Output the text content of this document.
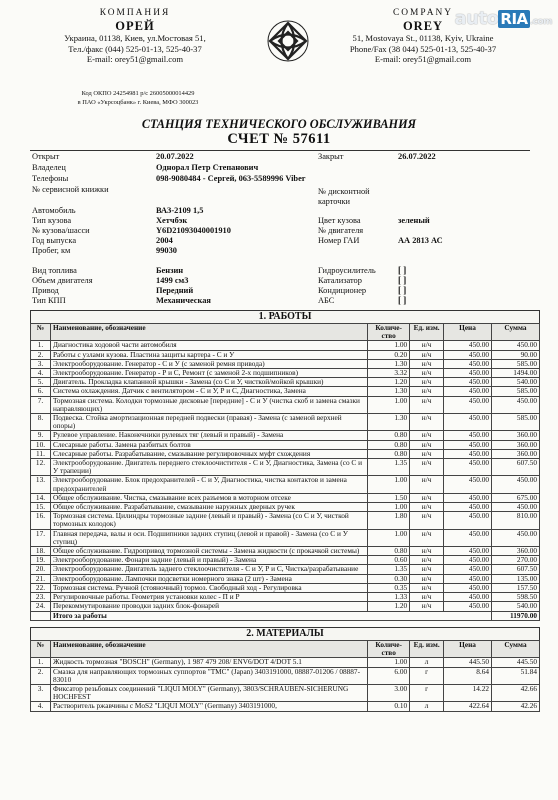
КОМПАНИЯ
ОРЕЙ
Украина, 01138, Киев, ул.Мостовая 51,
Тел./факс (044) 525-01-13, 525-40-37
E-mail: orey51@gmail.com
Код ОКПО 24254981 р/с 26005000014429
в ПАО «Укрсоцбанк» г. Киева, МФО 300023
COMPANY
OREY
51, Mostovaya St., 01138, Kyiv, Ukraine
Phone/Fax (38 044) 525-01-13, 525-40-37
E-mail: orey51@gmail.com
auto RIA .com
СТАНЦИЯ ТЕХНИЧЕСКОГО ОБСЛУЖИВАНИЯ
СЧЕТ № 57611
Открыт	20.07.2022	Закрыт	26.07.2022
Владелец	Однорал Петр Степанович
Телефоны	098-9080484 - Сергей, 063-5589996 Viber
№ сервисной книжки	№ дисконтной карточки
Автомобиль	ВАЗ-2109 1,5
Тип кузова	Хетчбэк	Цвет кузова	зеленый
№ кузова/шасси	Y6D21093040001910	№ двигателя
Год выпуска	2004	Номер ГАИ	АА 2813 АС
Пробег, км	99030
Вид топлива	Бензин	Гидроусилитель [ ]
Объем двигателя	1499 см3	Катализатор	[ ]
Привод	Передний	Кондиционер	[ ]
Тип КПП	Механическая	АБС	[ ]
1. РАБОТЫ
№	Наименование, обозначение	Количе-ство	Ед. изм.	Цена	Сумма
1.	Диагностика ходовой части автомобиля	1.00	н/ч	450.00	450.00
2.	Работы с узлами кузова. Пластина защиты картера - С и У	0.20	н/ч	450.00	90.00
3.	Электрооборудование. Генератор - С и У (с заменой ремня привода)	1.30	н/ч	450.00	585.00
4.	Электрооборудование. Генератор - Р и С, Ремонт (с заменой 2-х подшипников)	3.32	н/ч	450.00	1494.00
5.	Двигатель. Прокладка клапанной крышки - Замена (со С и У, чисткой/мойкой крышки)	1.20	н/ч	450.00	540.00
6.	Система охлаждения. Датчик с вентилятором - С и У, Р и С, Диагностика, Замена	1.30	н/ч	450.00	585.00
7.	Тормозная система. Колодки тормозные дисковые [передние] - С и У (чистка скоб и замена смазки направляющих)	1.00	н/ч	450.00	450.00
8.	Подвеска. Стойка амортизационная передней подвески (правая) - Замена (с заменой верхней опоры)	1.30	н/ч	450.00	585.00
9.	Рулевое управление. Наконечники рулевых тяг (левый и правый) - Замена	0.80	н/ч	450.00	360.00
10.	Слесарные работы. Замена разбитых болтов	0.80	н/ч	450.00	360.00
11.	Слесарные работы. Разрабатывание, смазывание регулировочных муфт схождения	0.80	н/ч	450.00	360.00
12.	Электрооборудование. Двигатель переднего стеклоочистителя - С и У, Диагностика, Замена (со С и У трапеции)	1.35	н/ч	450.00	607.50
13.	Электрооборудование. Блок предохранителей - С и У, Диагностика, чистка контактов и замена предохранителей	1.00	н/ч	450.00	450.00
14.	Общее обслуживание. Чистка, смазывание всех разъемов в моторном отсеке	1.50	н/ч	450.00	675.00
15.	Общее обслуживание. Разрабатывание, смазывание наружных дверных ручек	1.00	н/ч	450.00	450.00
16.	Тормозная система. Цилиндры тормозные задние (левый и правый) - Замена (со С и У, чисткой тормозных колодок)	1.80	н/ч	450.00	810.00
17.	Главная передача, валы и оси. Подшипники задних ступиц (левой и правой) - Замена (со С и У ступиц)	1.00	н/ч	450.00	450.00
18.	Общее обслуживание. Гидропривод тормозной системы - Замена жидкости (с прокачкой системы)	0.80	н/ч	450.00	360.00
19.	Электрооборудование. Фонари задние (левый и правый) - Замена	0.60	н/ч	450.00	270.00
20.	Электрооборудование. Двигатель заднего стеклоочистителя - С и У, Р и С, Чистка/разрабатывание	1.35	н/ч	450.00	607.50
21.	Электрооборудование. Лампочки подсветки номерного знака (2 шт) - Замена	0.30	н/ч	450.00	135.00
22.	Тормозная система. Ручной (стояночный) тормоз. Свободный ход - Регулировка	0.35	н/ч	450.00	157.50
23.	Регулировочные работы. Геометрия установки колес - П и Р	1.33	н/ч	450.00	598.50
24.	Перекоммутирование проводки задних блок-фонарей	1.20	н/ч	450.00	540.00
	Итого за работы				11970.00
2. МАТЕРИАЛЫ
№	Наименование, обозначение	Количе-ство	Ед. изм.	Цена	Сумма
1.	Жидкость тормозная "BOSCH" (Germany), 1 987 479 208/ ENV6/DOT 4/DOT 5.1	1.00	л	445.50	445.50
2.	Смазка для направляющих тормозных суппортов "TMC" (Japan) 3403191000, 08887-01206 / 08887-83010	6.00	г	8.64	51.84
3.	Фиксатор резьбовых соединений "LIQUI MOLY" (Germany), 3803/SCHRAUBEN-SICHERUNG HOCHFEST	3.00	г	14.22	42.66
4.	Растворитель ржавчины с MoS2 "LIQUI MOLY" (Germany) 3403191000,	0.10	л	422.64	42.26
